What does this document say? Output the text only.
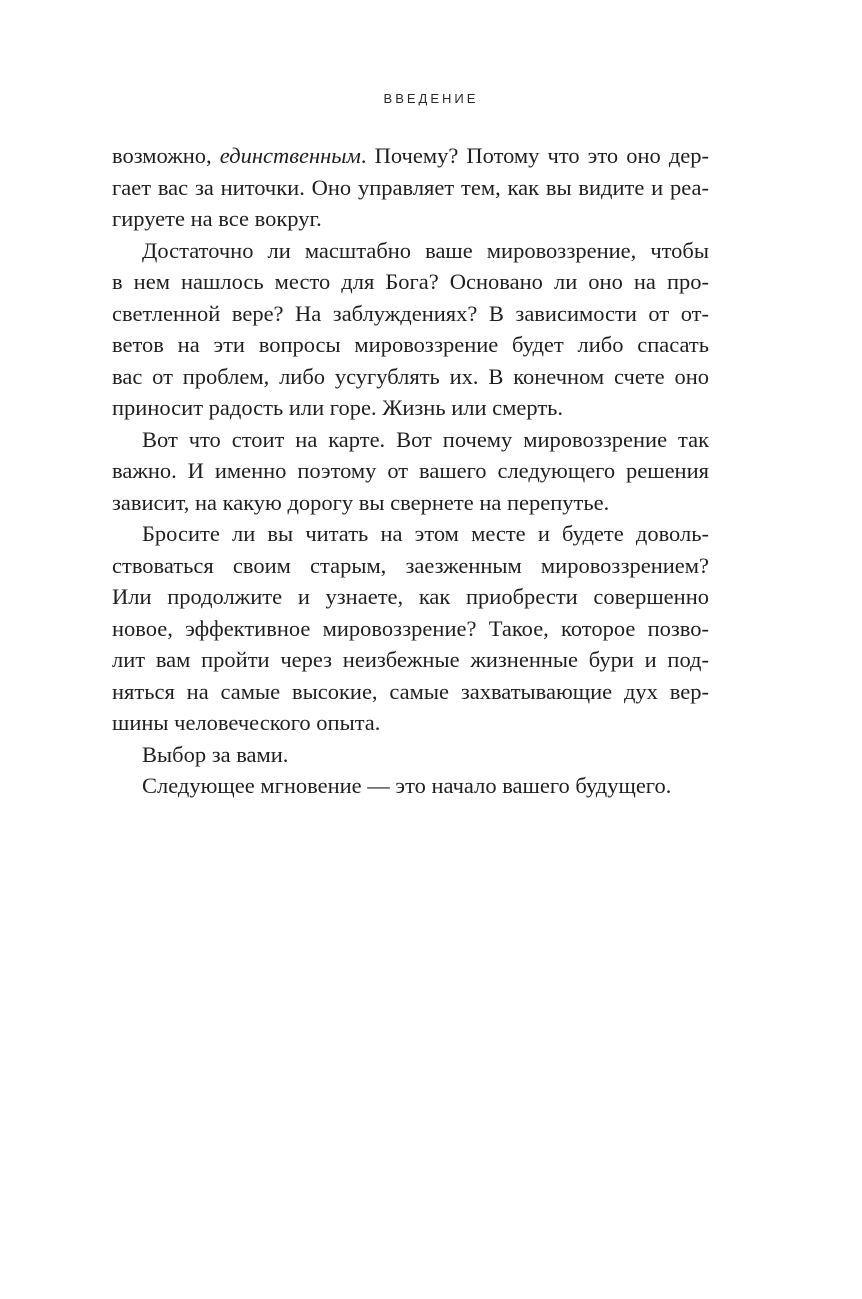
ВВЕДЕНИЕ

возможно, единственным. Почему? Потому что это оно дер-
гает вас за ниточки. Оно управляет тем, как вы видите и реа-
гируете на все вокруг.

Достаточно ли масштабно ваше мировоззрение, чтобы
в нем нашлось место для Бога? Основано ли оно на про-
светленной вере? На заблуждениях? В зависимости от от-
ветов на эти вопросы мировоззрение будет либо спасать
вас от проблем, либо усугублять их. В конечном счете оно
приносит радость или горе. Жизнь или смерть.

Вот что стоит на карте. Вот почему мировоззрение так
важно. И именно поэтому от вашего следующего решения
зависит, на какую дорогу вы свернете на перепутье.

Бросите ли вы читать на этом месте и будете доволь-
ствоваться своим старым, заезженным мировоззрением?
Или продолжите и узнаете, как приобрести совершенно
новое, эффективное мировоззрение? Такое, которое позво-
лит вам пройти через неизбежные жизненные бури и под-
няться на самые высокие, самые захватывающие дух вер-
шины человеческого опыта.

Выбор за вами.

Следующее мгновение — это начало вашего будущего.
